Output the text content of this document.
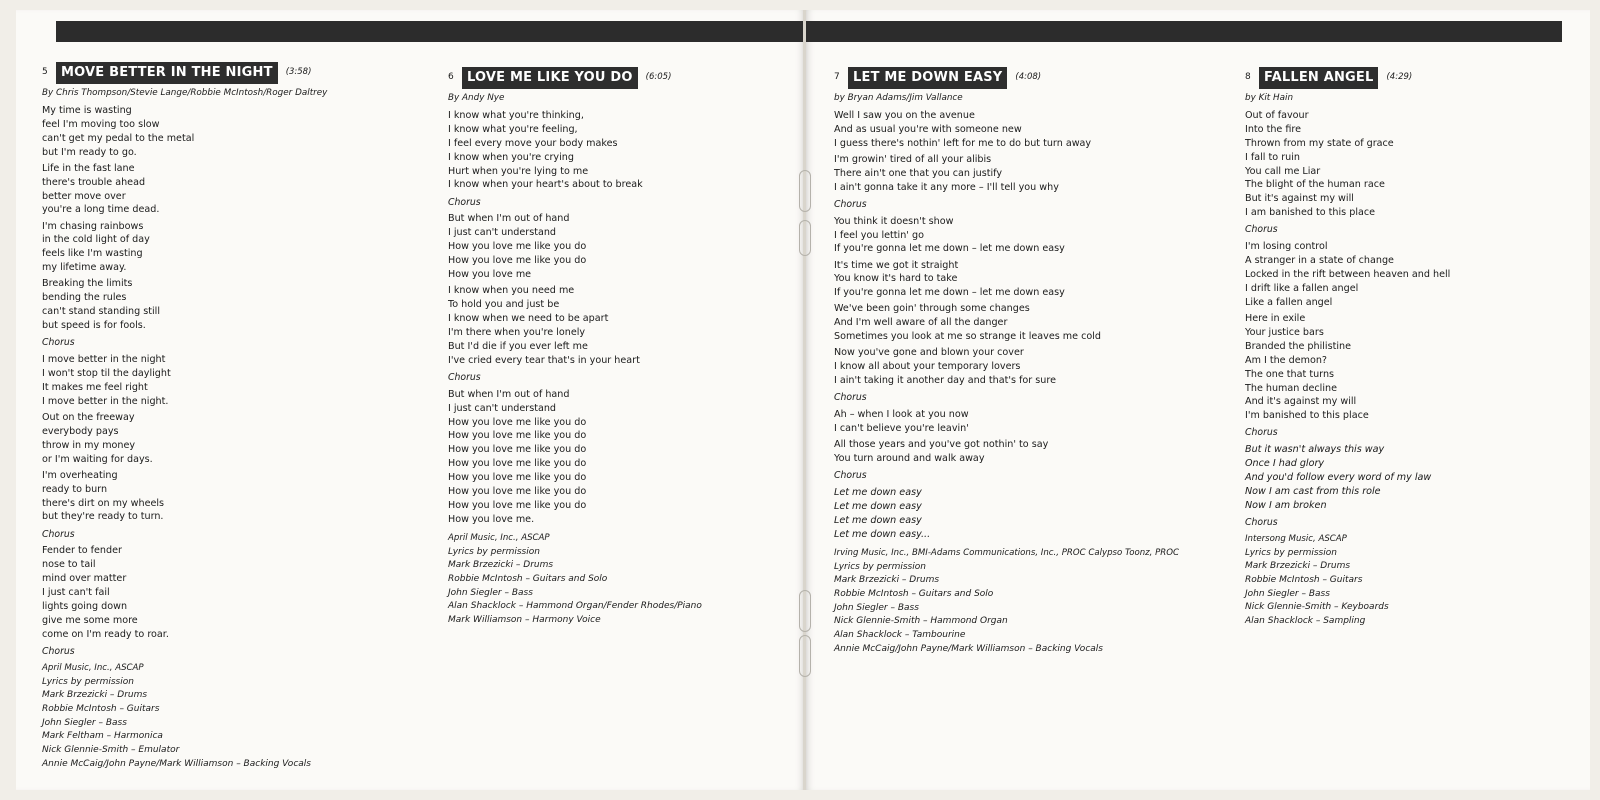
5	MOVE BETTER IN THE NIGHT	(3:58)
By Chris Thompson/Stevie Lange/Robbie McIntosh/Roger Daltrey
My time is wasting
feel I'm moving too slow
can't get my pedal to the metal
but I'm ready to go.
Life in the fast lane
there's trouble ahead
better move over
you're a long time dead.
I'm chasing rainbows
in the cold light of day
feels like I'm wasting
my lifetime away.
Breaking the limits
bending the rules
can't stand standing still
but speed is for fools.
Chorus
I move better in the night
I won't stop til the daylight
It makes me feel right
I move better in the night.
Out on the freeway
everybody pays
throw in my money
or I'm waiting for days.
I'm overheating
ready to burn
there's dirt on my wheels
but they're ready to turn.
Chorus
Fender to fender
nose to tail
mind over matter
I just can't fail
lights going down
give me some more
come on I'm ready to roar.
Chorus
April Music, Inc., ASCAP
Lyrics by permission
Mark Brzezicki – Drums
Robbie McIntosh – Guitars
John Siegler – Bass
Mark Feltham – Harmonica
Nick Glennie-Smith – Emulator
Annie McCaig/John Payne/Mark Williamson – Backing Vocals
6	LOVE ME LIKE YOU DO	(6:05)
By Andy Nye
I know what you're thinking,
I know what you're feeling,
I feel every move your body makes
I know when you're crying
Hurt when you're lying to me
I know when your heart's about to break
Chorus
But when I'm out of hand
I just can't understand
How you love me like you do
How you love me like you do
How you love me
I know when you need me
To hold you and just be
I know when we need to be apart
I'm there when you're lonely
But I'd die if you ever left me
I've cried every tear that's in your heart
Chorus
But when I'm out of hand
I just can't understand
How you love me like you do
How you love me like you do
How you love me like you do
How you love me like you do
How you love me like you do
How you love me like you do
How you love me like you do
How you love me.
April Music, Inc., ASCAP
Lyrics by permission
Mark Brzezicki – Drums
Robbie McIntosh – Guitars and Solo
John Siegler – Bass
Alan Shacklock – Hammond Organ/Fender Rhodes/Piano
Mark Williamson – Harmony Voice
7	LET ME DOWN EASY	(4:08)
by Bryan Adams/Jim Vallance
Well I saw you on the avenue
And as usual you're with someone new
I guess there's nothin' left for me to do but turn away
I'm growin' tired of all your alibis
There ain't one that you can justify
I ain't gonna take it any more – I'll tell you why
Chorus
You think it doesn't show
I feel you lettin' go
If you're gonna let me down – let me down easy
It's time we got it straight
You know it's hard to take
If you're gonna let me down – let me down easy
We've been goin' through some changes
And I'm well aware of all the danger
Sometimes you look at me so strange it leaves me cold
Now you've gone and blown your cover
I know all about your temporary lovers
I ain't taking it another day and that's for sure
Chorus
Ah – when I look at you now
I can't believe you're leavin'
All those years and you've got nothin' to say
You turn around and walk away
Chorus
Let me down easy
Let me down easy
Let me down easy
Let me down easy...
Irving Music, Inc., BMI-Adams Communications, Inc., PROC Calypso Toonz, PROC
Lyrics by permission
Mark Brzezicki – Drums
Robbie McIntosh – Guitars and Solo
John Siegler – Bass
Nick Glennie-Smith – Hammond Organ
Alan Shacklock – Tambourine
Annie McCaig/John Payne/Mark Williamson – Backing Vocals
8	FALLEN ANGEL	(4:29)
by Kit Hain
Out of favour
Into the fire
Thrown from my state of grace
I fall to ruin
You call me Liar
The blight of the human race
But it's against my will
I am banished to this place
Chorus
I'm losing control
A stranger in a state of change
Locked in the rift between heaven and hell
I drift like a fallen angel
Like a fallen angel
Here in exile
Your justice bars
Branded the philistine
Am I the demon?
The one that turns
The human decline
And it's against my will
I'm banished to this place
Chorus
But it wasn't always this way
Once I had glory
And you'd follow every word of my law
Now I am cast from this role
Now I am broken
Chorus
Intersong Music, ASCAP
Lyrics by permission
Mark Brzezicki – Drums
Robbie McIntosh – Guitars
John Siegler – Bass
Nick Glennie-Smith – Keyboards
Alan Shacklock – Sampling
